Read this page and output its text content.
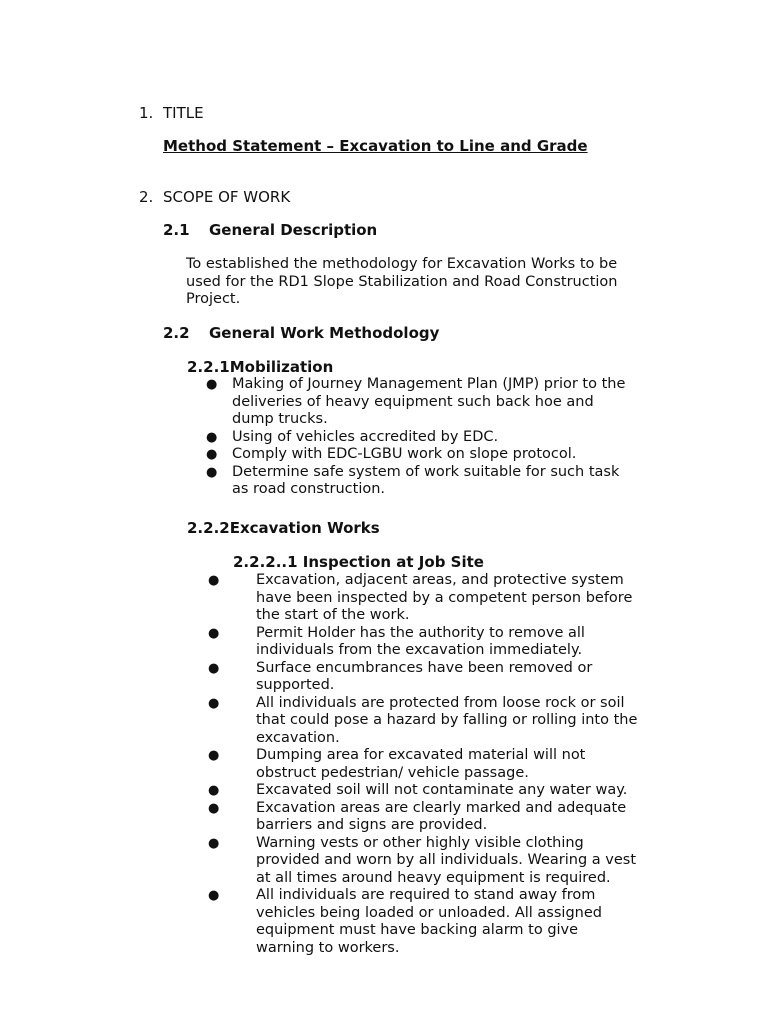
1. TITLE
Method Statement – Excavation to Line and Grade
2. SCOPE OF WORK
2.1 General Description
To established the methodology for Excavation Works to be
used for the RD1 Slope Stabilization and Road Construction
Project.
2.2 General Work Methodology
2.2.1Mobilization
● Making of Journey Management Plan (JMP) prior to the
deliveries of heavy equipment such back hoe and
dump trucks.
● Using of vehicles accredited by EDC.
● Comply with EDC-LGBU work on slope protocol.
● Determine safe system of work suitable for such task
as road construction.
2.2.2Excavation Works
2.2.2..1 Inspection at Job Site
●	Excavation, adjacent areas, and protective system
have been inspected by a competent person before
the start of the work.
●	Permit Holder has the authority to remove all
individuals from the excavation immediately.
●	Surface encumbrances have been removed or
supported.
●	All individuals are protected from loose rock or soil
that could pose a hazard by falling or rolling into the
excavation.
●	Dumping area for excavated material will not
obstruct pedestrian/ vehicle passage.
●	Excavated soil will not contaminate any water way.
●	Excavation areas are clearly marked and adequate
barriers and signs are provided.
●	Warning vests or other highly visible clothing
provided and worn by all individuals. Wearing a vest
at all times around heavy equipment is required.
●	All individuals are required to stand away from
vehicles being loaded or unloaded. All assigned
equipment must have backing alarm to give
warning to workers.
